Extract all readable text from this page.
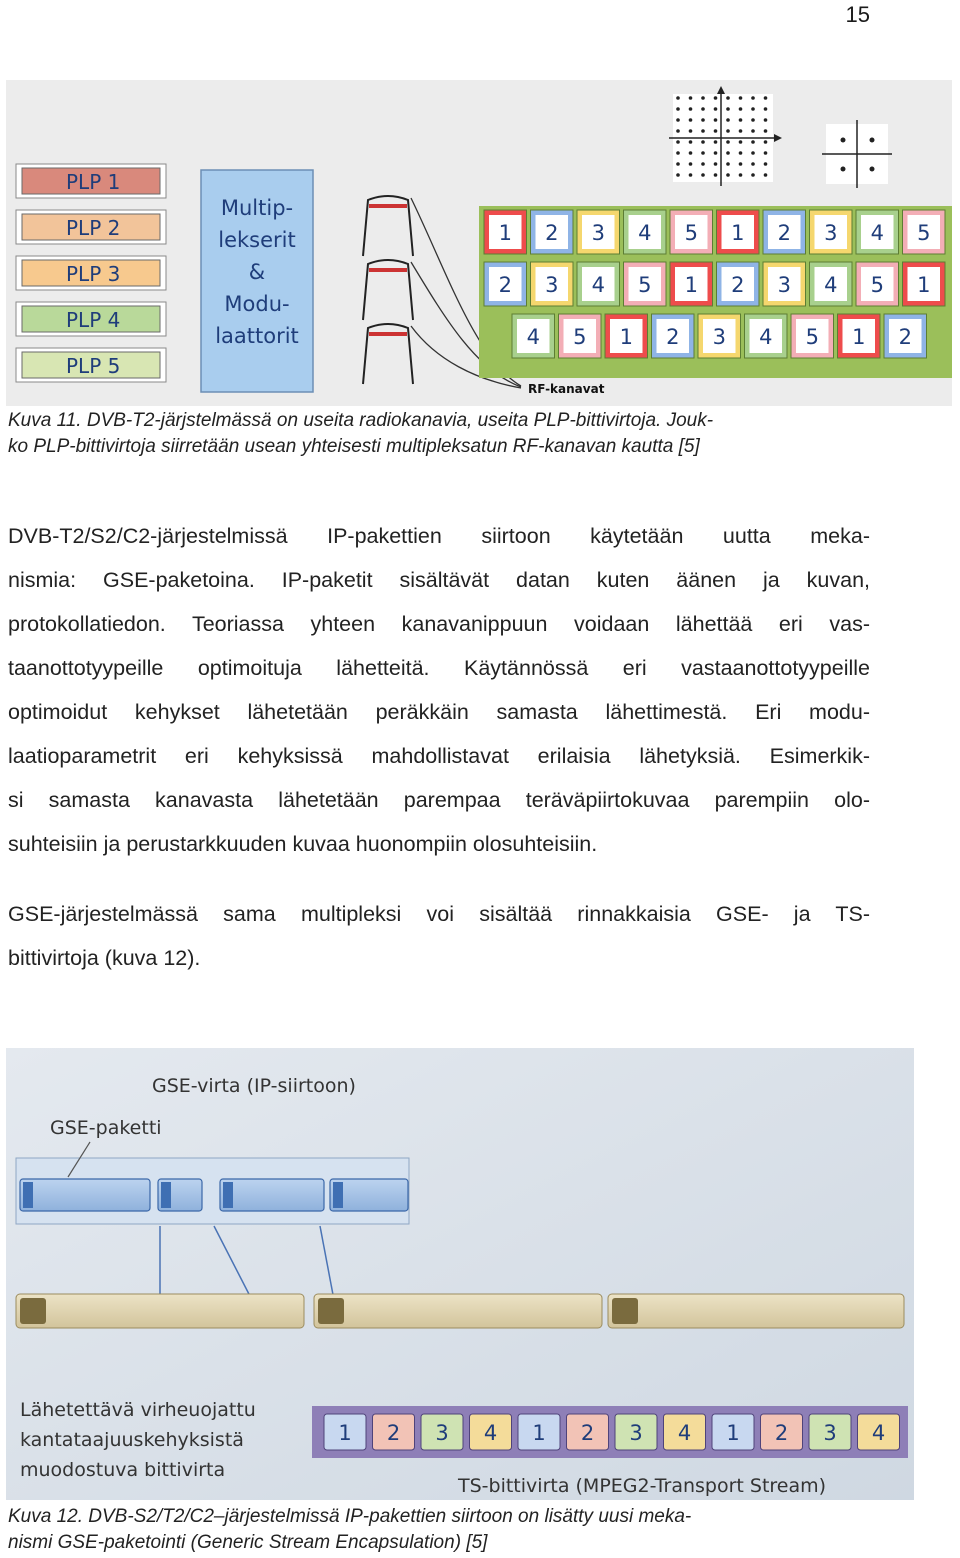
15
PLP 1
PLP 2
PLP 3
PLP 4
PLP 5
Multip-lekserit & Modu-laattorit
RF-kanavat
1 2 3 4 5 1 2 3 4 5
2 3 4 5 1 2 3 4 5 1
4 5 1 2 3 4 5 1 2
Kuva 11. DVB-T2-järjstelmässä on useita radiokanavia, useita PLP-bittivirtoja. Jouk-
ko PLP-bittivirtoja siirretään usean yhteisesti multipleksatun RF-kanavan kautta [5]
DVB-T2/S2/C2-järjestelmissä IP-pakettien siirtoon käytetään uutta meka-
nismia: GSE-paketoina. IP-paketit sisältävät datan kuten äänen ja kuvan,
protokollatiedon. Teoriassa yhteen kanavanippuun voidaan lähettää eri vas-
taanottotyypeille optimoituja lähetteitä. Käytännössä eri vastaanottotyypeille
optimoidut kehykset lähetetään peräkkäin samasta lähettimestä. Eri modu-
laatioparametrit eri kehyksissä mahdollistavat erilaisia lähetyksiä. Esimerkik-
si samasta kanavasta lähetetään parempaa teräväpiirtokuvaa parempiin olo-
suhteisiin ja perustarkkuuden kuvaa huonompiin olosuhteisiin.
GSE-järjestelmässä sama multipleksi voi sisältää rinnakkaisia GSE- ja TS-
bittivirtoja (kuva 12).
GSE-virta (IP-siirtoon)
GSE-paketti
Lähetettävä virheuojattu
kantataajuuskehyksistä
muodostuva bittivirta
1 2 3 4 1 2 3 4 1 2 3 4
TS-bittivirta (MPEG2-Transport Stream)
Kuva 12. DVB-S2/T2/C2–järjestelmissä IP-pakettien siirtoon on lisätty uusi meka-
nismi GSE-paketointi (Generic Stream Encapsulation) [5]
